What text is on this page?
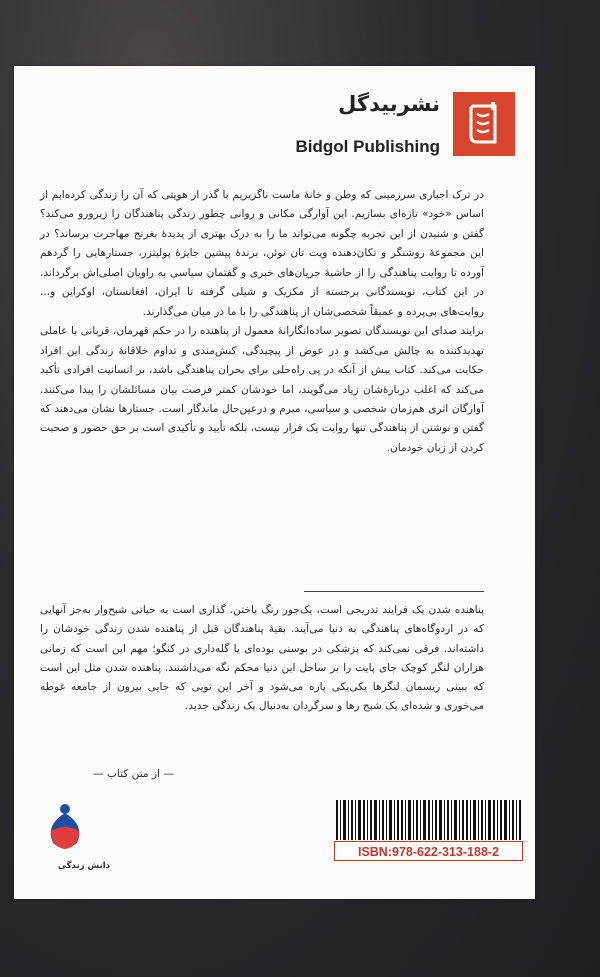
نشربیدگل
Bidgol Publishing

در ترک اجباری سرزمینی که وطن و خانهٔ ماست ناگزیریم با گذر از هویتی که آن را زندگی کرده‌ایم از اساس «خود» تازه‌ای بسازیم. این آوارگی مکانی و روانی چطور زندگی پناهندگان را زیرورو می‌کند؟ گفتن و شنیدن از این تجربه چگونه می‌تواند ما را به درک بهتری از پدیدهٔ بغرنج مهاجرت برساند؟ در این مجموعهٔ روشنگر و تکان‌دهنده ویت تان نوئن، برندهٔ پیشین جایزهٔ پولیتزر، جستارهایی را گردهم آورده تا روایت پناهندگی را از حاشیهٔ جریان‌های خبری و گفتمان سیاسی به راویان اصلی‌اش برگرداند. در این کتاب، نویسندگانی برجسته از مکزیک و شیلی گرفته تا ایران، افغانستان، اوکراین و... روایت‌های بی‌پرده و عمیقاً شخصی‌شان از پناهندگی را با ما در میان می‌گذارند.

برایند صدای این نویسندگان تصویر ساده‌انگارانهٔ معمول از پناهنده را در حکم قهرمان، قربانی یا عاملی تهدیدکننده به چالش می‌کشد و در عوض از پیچیدگی، کنش‌مندی و تداوم خلاقانهٔ زندگی این افراد حکایت می‌کند. کتاب بیش از آنکه در پی راه‌حلی برای بحران پناهندگی باشد، بر انسانیت افرادی تأکید می‌کند که اغلب دربارهٔ‌شان زیاد می‌گویند، اما خودشان کمتر فرصت بیان مسائلشان را پیدا می‌کنند. آوارگان اثری هم‌زمان شخصی و سیاسی، مبرم و درعین‌حال ماندگار است. جستارها نشان می‌دهند که گفتن و نوشتن از پناهندگی تنها روایت یک فرار نیست، بلکه تأیید و تأکیدی است بر حق حضور و صحبت کردن از زبان خودمان.

پناهنده شدن یک فرایند تدریجی است، یک‌جور رنگ باختن. گذاری است به حیاتی شبح‌وار به‌جز آنهایی که در اردوگاه‌های پناهندگی به دنیا می‌آیند. بقیهٔ پناهندگان قبل از پناهنده شدن زندگی خودشان را داشته‌اند. فرقی نمی‌کند که پزشکی در بوسنی بوده‌ای یا گله‌داری در کنگو؛ مهم این است که زمانی هزاران لنگر کوچک جای پایت را بر ساحل این دنیا محکم نگه می‌داشتند. پناهنده شدن مثل این است که ببینی ریسمان لنگرها یکی‌یکی پاره می‌شود و آخر این تویی که جایی بیرون از جامعه غوطه می‌خوری و شده‌ای یک شبح رها و سرگردان به‌دنبال یک زندگی جدید.

— از متن کتاب —
دانش زندگی
ISBN:978-622-313-188-2
